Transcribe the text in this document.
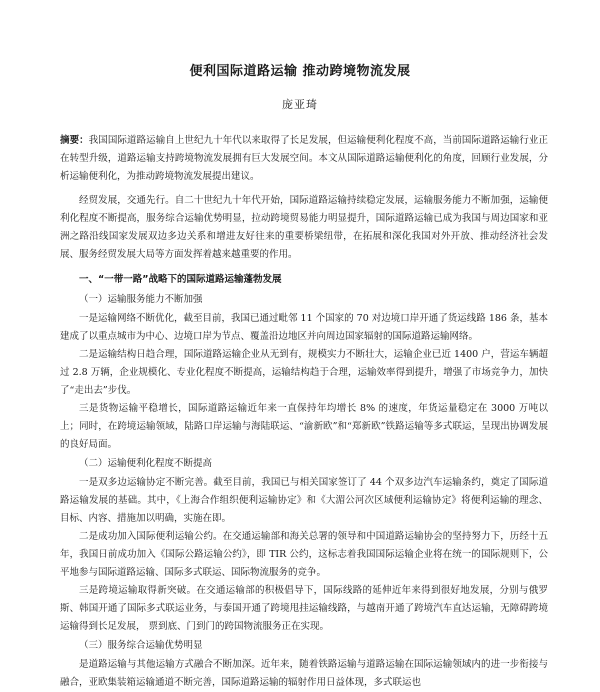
便利国际道路运输 推动跨境物流发展
庞亚琦

摘要：我国国际道路运输自上世纪九十年代以来取得了长足发展，但运输便利化程度不高，当前国际道路运输行业正在转型升级，道路运输支持跨境物流发展拥有巨大发展空间。本文从国际道路运输便利化的角度，回顾行业发展，分析运输便利化，为推动跨境物流发展提出建议。

经贸发展，交通先行。自二十世纪九十年代开始，国际道路运输持续稳定发展，运输服务能力不断加强，运输便利化程度不断提高，服务综合运输优势明显，拉动跨境贸易能力明显提升，国际道路运输已成为我国与周边国家和亚洲之路沿线国家发展双边多边关系和增进友好往来的重要桥梁纽带，在拓展和深化我国对外开放、推动经济社会发展、服务经贸发展大局等方面发挥着越来越重要的作用。

一、“一带一路”战略下的国际道路运输蓬勃发展

（一）运输服务能力不断加强

一是运输网络不断优化，截至目前，我国已通过毗邻 11 个国家的 70 对边境口岸开通了货运线路 186 条，基本建成了以重点城市为中心、边境口岸为节点、覆盖沿边地区并向周边国家辐射的国际道路运输网络。

二是运输结构日趋合理，国际道路运输企业从无到有，规模实力不断壮大，运输企业已近 1400 户，营运车辆超过 2.8 万辆，企业规模化、专业化程度不断提高，运输结构趋于合理，运输效率得到提升，增强了市场竞争力，加快了“走出去”步伐。

三是货物运输平稳增长，国际道路运输近年来一直保持年均增长 8% 的速度，年货运量稳定在 3000 万吨以上；同时，在跨境运输领域，陆路口岸运输与海陆联运、“渝新欧”和“郑新欧”铁路运输等多式联运，呈现出协调发展的良好局面。

（二）运输便利化程度不断提高

一是双多边运输协定不断完善。截至目前，我国已与相关国家签订了 44 个双多边汽车运输条约，奠定了国际道路运输发展的基础。其中，《上海合作组织便利运输协定》和《大湄公河次区域便利运输协定》将便利运输的理念、目标、内容、措施加以明确，实施在即。

二是成功加入国际便利运输公约。在交通运输部和海关总署的领导和中国道路运输协会的坚持努力下，历经十五年，我国日前成功加入《国际公路运输公约》，即 TIR 公约，这标志着我国国际运输企业将在统一的国际规则下，公平地参与国际道路运输、国际多式联运、国际物流服务的竞争。

三是跨境运输取得新突破。在交通运输部的积极倡导下，国际线路的延伸近年来得到很好地发展，分别与俄罗斯、韩国开通了国际多式联运业务，与泰国开通了跨境甩挂运输线路，与越南开通了跨境汽车直达运输，无障碍跨境运输得到长足发展， 票到底、门到门的跨国物流服务正在实现。

（三）服务综合运输优势明显

是道路运输与其他运输方式融合不断加深。近年来，随着铁路运输与道路运输在国际运输领域内的进一步衔接与融合，亚欧集装箱运输通道不断完善，国际道路运输的辐射作用日益体现，多式联运也
